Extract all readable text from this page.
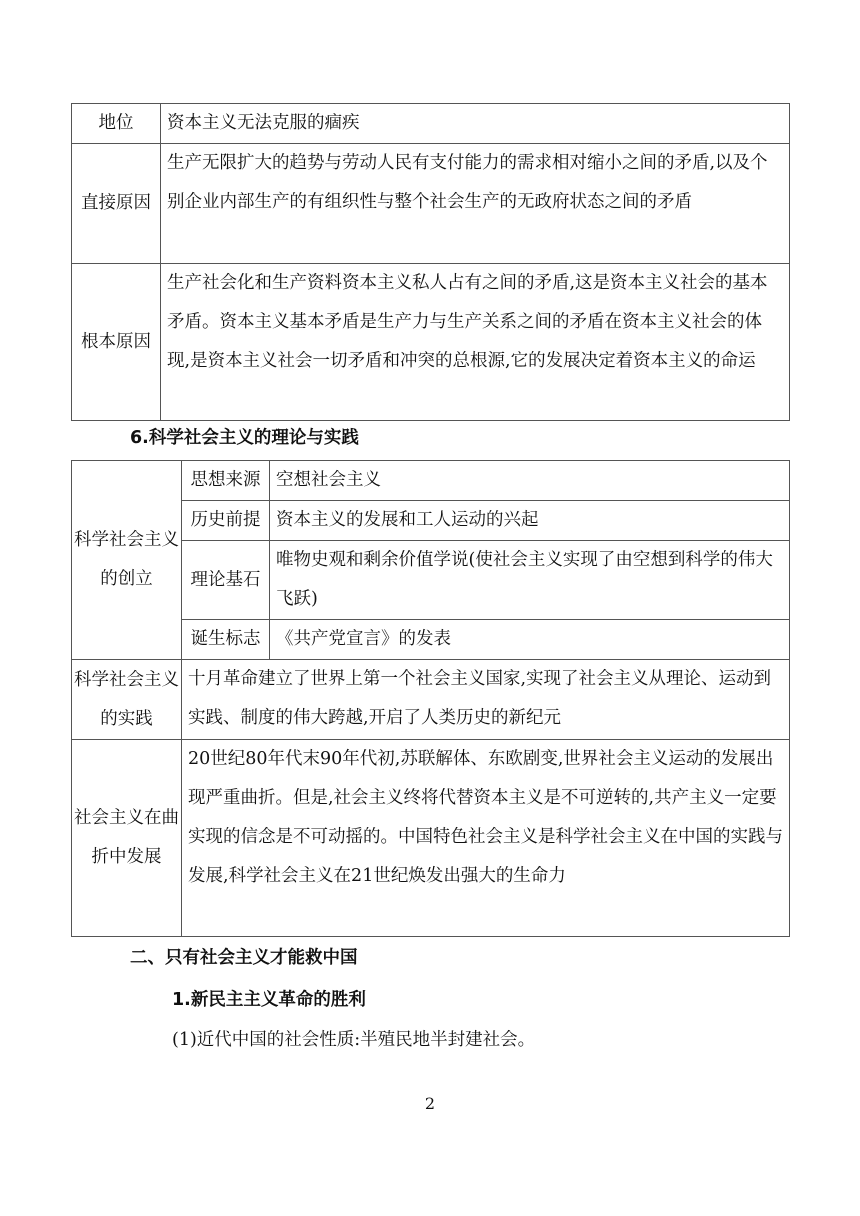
地位	资本主义无法克服的痼疾
直接原因	生产无限扩大的趋势与劳动人民有支付能力的需求相对缩小之间的矛盾,以及个别企业内部生产的有组织性与整个社会生产的无政府状态之间的矛盾
根本原因	生产社会化和生产资料资本主义私人占有之间的矛盾,这是资本主义社会的基本矛盾。资本主义基本矛盾是生产力与生产关系之间的矛盾在资本主义社会的体现,是资本主义社会一切矛盾和冲突的总根源,它的发展决定着资本主义的命运
6.科学社会主义的理论与实践
科学社会主义的创立	思想来源	空想社会主义
	历史前提	资本主义的发展和工人运动的兴起
	理论基石	唯物史观和剩余价值学说(使社会主义实现了由空想到科学的伟大飞跃)
	诞生标志	《共产党宣言》的发表
科学社会主义的实践	十月革命建立了世界上第一个社会主义国家,实现了社会主义从理论、运动到实践、制度的伟大跨越,开启了人类历史的新纪元	
社会主义在曲折中发展	20世纪80年代末90年代初,苏联解体、东欧剧变,世界社会主义运动的发展出现严重曲折。但是,社会主义终将代替资本主义是不可逆转的,共产主义一定要实现的信念是不可动摇的。中国特色社会主义是科学社会主义在中国的实践与发展,科学社会主义在21世纪焕发出强大的生命力	
二、只有社会主义才能救中国
1.新民主主义革命的胜利
(1)近代中国的社会性质:半殖民地半封建社会。
2
